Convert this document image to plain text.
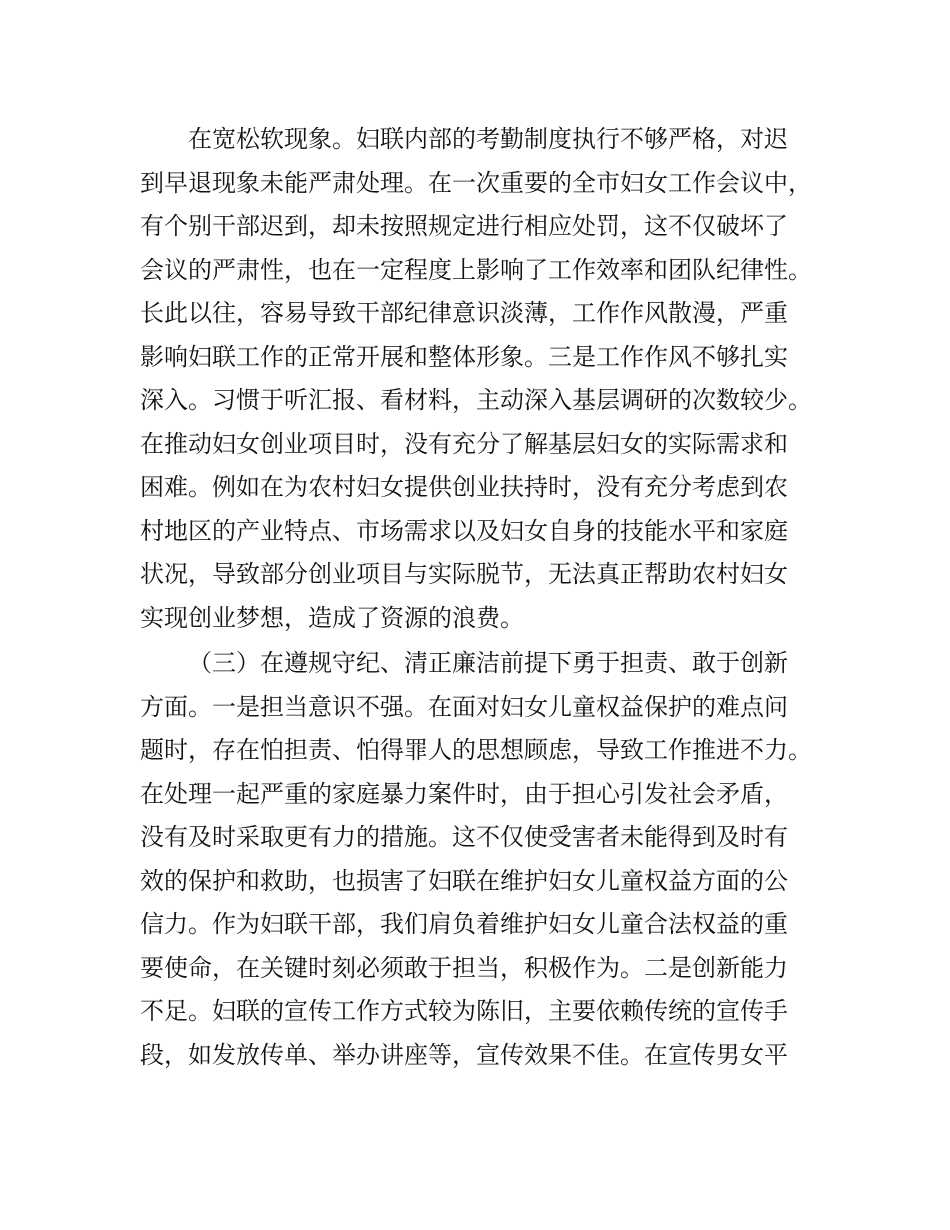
在宽松软现象。妇联内部的考勤制度执行不够严格，对迟
到早退现象未能严肃处理。在一次重要的全市妇女工作会议中，
有个别干部迟到，却未按照规定进行相应处罚，这不仅破坏了
会议的严肃性，也在一定程度上影响了工作效率和团队纪律性。
长此以往，容易导致干部纪律意识淡薄，工作作风散漫，严重
影响妇联工作的正常开展和整体形象。三是工作作风不够扎实
深入。习惯于听汇报、看材料，主动深入基层调研的次数较少。
在推动妇女创业项目时，没有充分了解基层妇女的实际需求和
困难。例如在为农村妇女提供创业扶持时，没有充分考虑到农
村地区的产业特点、市场需求以及妇女自身的技能水平和家庭
状况，导致部分创业项目与实际脱节，无法真正帮助农村妇女
实现创业梦想，造成了资源的浪费。
（三）在遵规守纪、清正廉洁前提下勇于担责、敢于创新
方面。一是担当意识不强。在面对妇女儿童权益保护的难点问
题时，存在怕担责、怕得罪人的思想顾虑，导致工作推进不力。
在处理一起严重的家庭暴力案件时，由于担心引发社会矛盾，
没有及时采取更有力的措施。这不仅使受害者未能得到及时有
效的保护和救助，也损害了妇联在维护妇女儿童权益方面的公
信力。作为妇联干部，我们肩负着维护妇女儿童合法权益的重
要使命，在关键时刻必须敢于担当，积极作为。二是创新能力
不足。妇联的宣传工作方式较为陈旧，主要依赖传统的宣传手
段，如发放传单、举办讲座等，宣传效果不佳。在宣传男女平
